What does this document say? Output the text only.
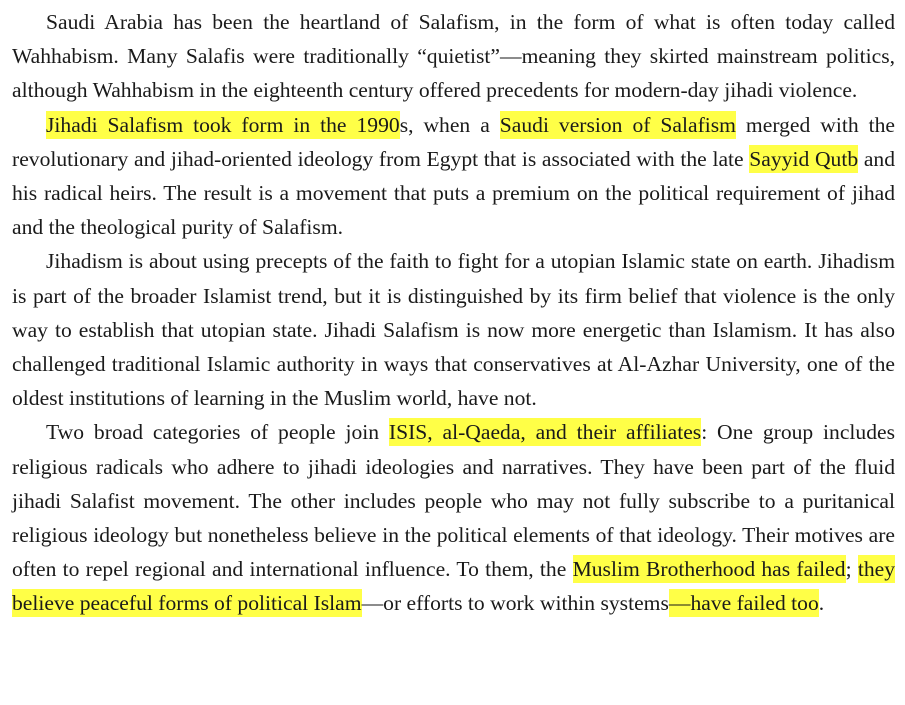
Saudi Arabia has been the heartland of Salafism, in the form of what is often today called Wahhabism. Many Salafis were traditionally “quietist”—meaning they skirted mainstream politics, although Wahhabism in the eighteenth century offered precedents for modern-day jihadi violence.

Jihadi Salafism took form in the 1990s, when a Saudi version of Salafism merged with the revolutionary and jihad-oriented ideology from Egypt that is associated with the late Sayyid Qutb and his radical heirs. The result is a movement that puts a premium on the political requirement of jihad and the theological purity of Salafism.

Jihadism is about using precepts of the faith to fight for a utopian Islamic state on earth. Jihadism is part of the broader Islamist trend, but it is distinguished by its firm belief that violence is the only way to establish that utopian state. Jihadi Salafism is now more energetic than Islamism. It has also challenged traditional Islamic authority in ways that conservatives at Al-Azhar University, one of the oldest institutions of learning in the Muslim world, have not.

Two broad categories of people join ISIS, al-Qaeda, and their affiliates: One group includes religious radicals who adhere to jihadi ideologies and narratives. They have been part of the fluid jihadi Salafist movement. The other includes people who may not fully subscribe to a puritanical religious ideology but nonetheless believe in the political elements of that ideology. Their motives are often to repel regional and international influence. To them, the Muslim Brotherhood has failed; they believe peaceful forms of political Islam—or efforts to work within systems—have failed too.
